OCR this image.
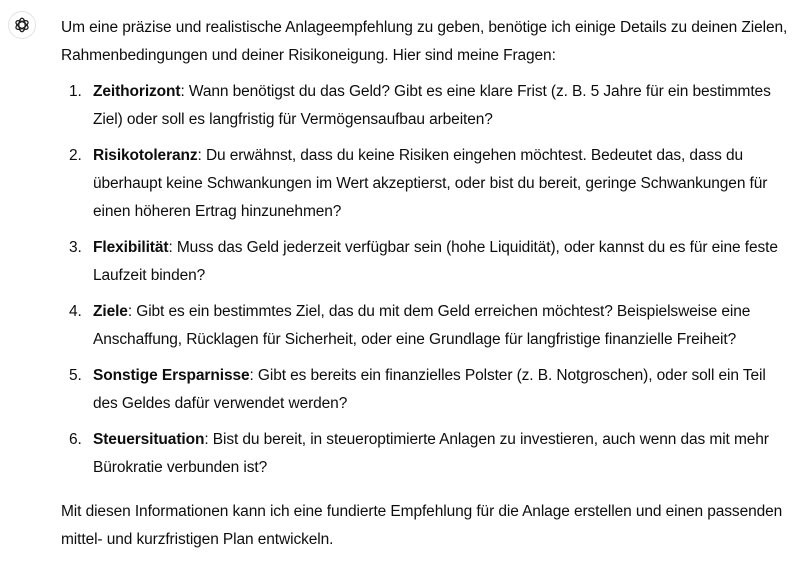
Um eine präzise und realistische Anlageempfehlung zu geben, benötige ich einige Details zu deinen Zielen, Rahmenbedingungen und deiner Risikoneigung. Hier sind meine Fragen:

1. Zeithorizont: Wann benötigst du das Geld? Gibt es eine klare Frist (z. B. 5 Jahre für ein bestimmtes Ziel) oder soll es langfristig für Vermögensaufbau arbeiten?
2. Risikotoleranz: Du erwähnst, dass du keine Risiken eingehen möchtest. Bedeutet das, dass du überhaupt keine Schwankungen im Wert akzeptierst, oder bist du bereit, geringe Schwankungen für einen höheren Ertrag hinzunehmen?
3. Flexibilität: Muss das Geld jederzeit verfügbar sein (hohe Liquidität), oder kannst du es für eine feste Laufzeit binden?
4. Ziele: Gibt es ein bestimmtes Ziel, das du mit dem Geld erreichen möchtest? Beispielsweise eine Anschaffung, Rücklagen für Sicherheit, oder eine Grundlage für langfristige finanzielle Freiheit?
5. Sonstige Ersparnisse: Gibt es bereits ein finanzielles Polster (z. B. Notgroschen), oder soll ein Teil des Geldes dafür verwendet werden?
6. Steuersituation: Bist du bereit, in steueroptimierte Anlagen zu investieren, auch wenn das mit mehr Bürokratie verbunden ist?

Mit diesen Informationen kann ich eine fundierte Empfehlung für die Anlage erstellen und einen passenden mittel- und kurzfristigen Plan entwickeln.
